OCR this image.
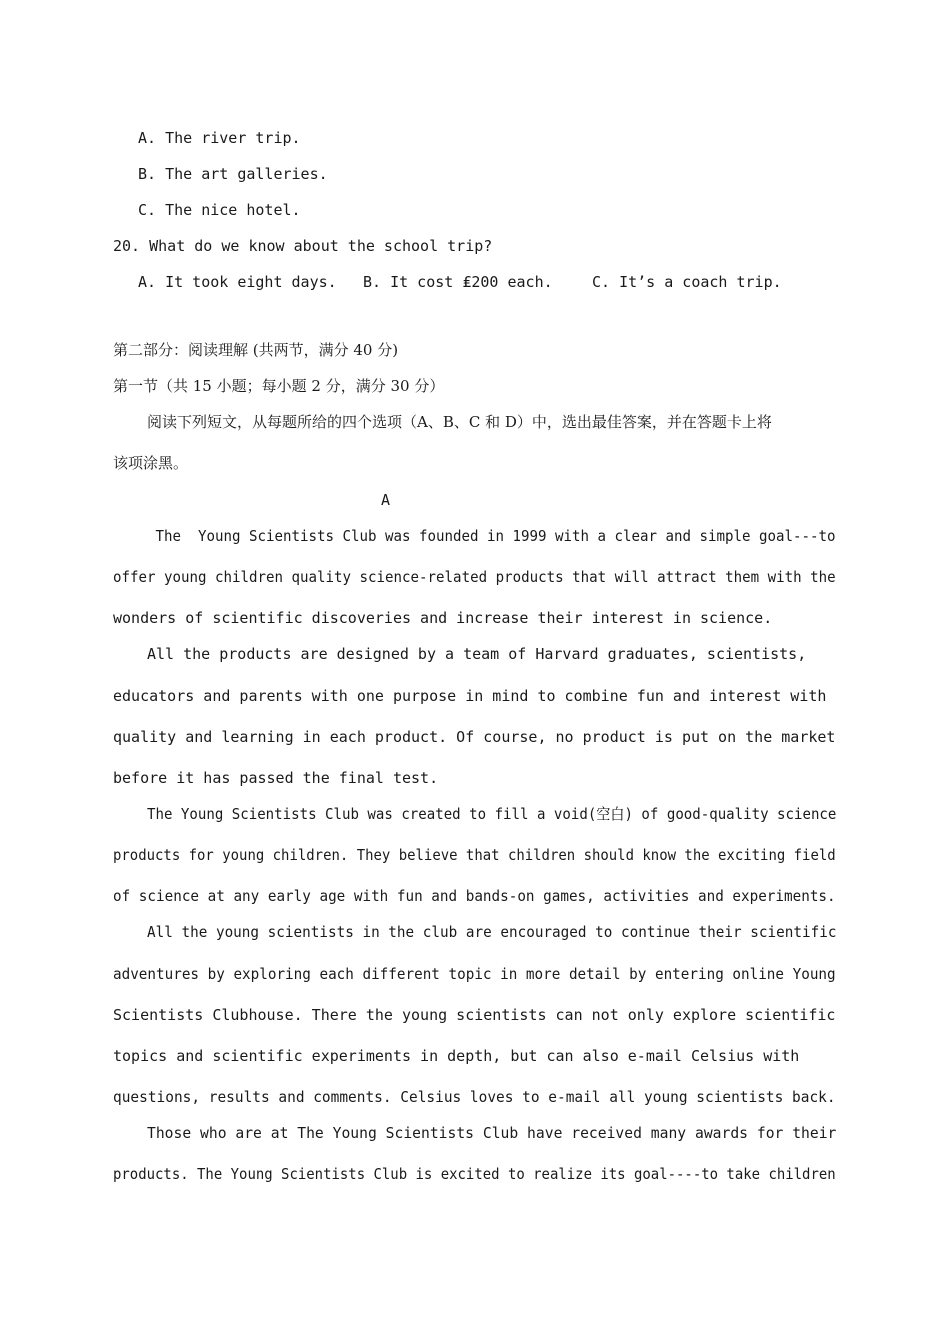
A. The river trip.
B. The art galleries.
C. The nice hotel.
20. What do we know about the school trip?
A. It took eight days. B. It cost ₤200 each.	C. It’s a coach trip.
第二部分：阅读理解 (共两节，满分 40 分)
第一节（共 15 小题；每小题 2 分，满分 30 分）
阅读下列短文，从每题所给的四个选项（A、B、C 和 D）中，选出最佳答案，并在答题卡上将
该项涂黑。
A
The  Young Scientists Club was founded in 1999 with a clear and simple goal---to
offer young children quality science-related products that will attract them with the
wonders of scientific discoveries and increase their interest in science.
All the products are designed by a team of Harvard graduates, scientists,
educators and parents with one purpose in mind to combine fun and interest with
quality and learning in each product. Of course, no product is put on the market
before it has passed the final test.
The Young Scientists Club was created to fill a void(空白) of good-quality science
products for young children. They believe that children should know the exciting field
of science at any early age with fun and bands-on games, activities and experiments.
All the young scientists in the club are encouraged to continue their scientific
adventures by exploring each different topic in more detail by entering online Young
Scientists Clubhouse. There the young scientists can not only explore scientific
topics and scientific experiments in depth, but can also e-mail Celsius with
questions, results and comments. Celsius loves to e-mail all young scientists back.
Those who are at The Young Scientists Club have received many awards for their
products. The Young Scientists Club is excited to realize its goal----to take children
